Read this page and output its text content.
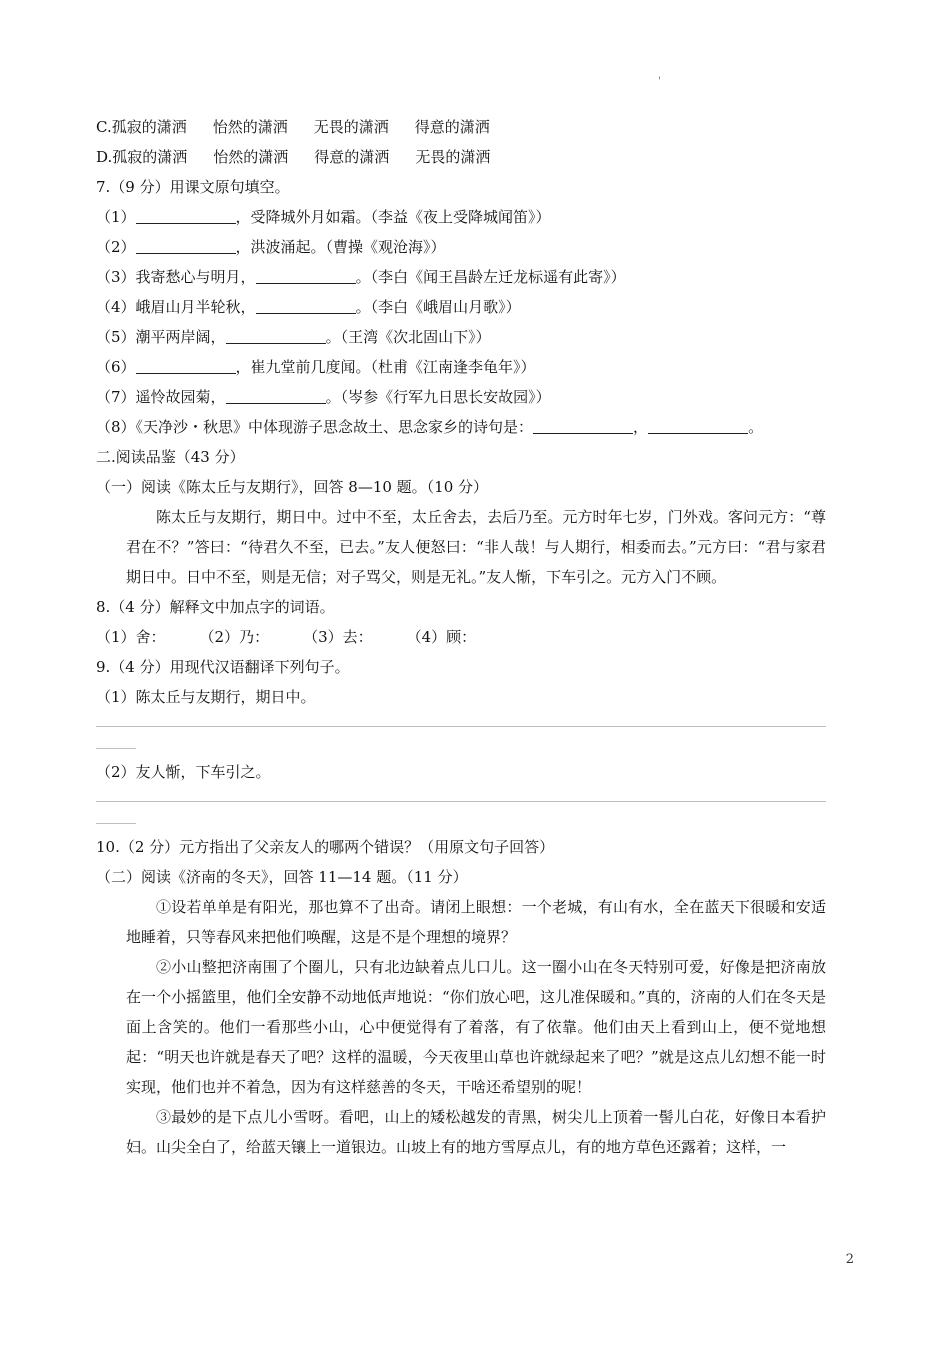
'
C.孤寂的潇洒 怡然的潇洒 无畏的潇洒 得意的潇洒
D.孤寂的潇洒 怡然的潇洒 得意的潇洒 无畏的潇洒
7.（9 分）用课文原句填空。
（1）	，受降城外月如霜。（李益《夜上受降城闻笛》）
（2）	，洪波涌起。（曹操《观沧海》）
（3）我寄愁心与明月，	。（李白《闻王昌龄左迁龙标遥有此寄》）
（4）峨眉山月半轮秋，	。（李白《峨眉山月歌》）
（5）潮平两岸阔，	。（王湾《次北固山下》）
（6）	，崔九堂前几度闻。（杜甫《江南逢李龟年》）
（7）遥怜故园菊，	。（岑参《行军九日思长安故园》）
（8）《天净沙・秋思》中体现游子思念故土、思念家乡的诗句是：	，	。
二.阅读品鉴（43 分）
（一）阅读《陈太丘与友期行》，回答 8—10 题。（10 分）

陈太丘与友期行，期日中。过中不至，太丘舍去，去后乃至。元方时年七岁，门外戏。客问元方：“尊君在不？”答曰：“待君久不至，已去。”友人便怒曰：“非人哉！与人期行，相委而去。”元方曰：“君与家君期日中。日中不至，则是无信；对子骂父，则是无礼。”友人惭，下车引之。元方入门不顾。

8.（4 分）解释文中加点字的词语。
（1）舍： （2）乃： （3）去： （4）顾：
9.（4 分）用现代汉语翻译下列句子。
（1）陈太丘与友期行，期日中。
（2）友人惭，下车引之。
10.（2 分）元方指出了父亲友人的哪两个错误？（用原文句子回答）
（二）阅读《济南的冬天》，回答 11—14 题。（11 分）

①设若单单是有阳光，那也算不了出奇。请闭上眼想：一个老城，有山有水，全在蓝天下很暖和安适地睡着，只等春风来把他们唤醒，这是不是个理想的境界？

②小山整把济南围了个圈儿，只有北边缺着点儿口儿。这一圈小山在冬天特别可爱，好像是把济南放在一个小摇篮里，他们全安静不动地低声地说：“你们放心吧，这儿准保暖和。”真的，济南的人们在冬天是面上含笑的。他们一看那些小山，心中便觉得有了着落，有了依靠。他们由天上看到山上，便不觉地想起：“明天也许就是春天了吧？这样的温暖，今天夜里山草也许就绿起来了吧？”就是这点儿幻想不能一时实现，他们也并不着急，因为有这样慈善的冬天，干啥还希望别的呢！

③最妙的是下点儿小雪呀。看吧，山上的矮松越发的青黑，树尖儿上顶着一髻儿白花，好像日本看护妇。山尖全白了，给蓝天镶上一道银边。山坡上有的地方雪厚点儿，有的地方草色还露着；这样，一

2
